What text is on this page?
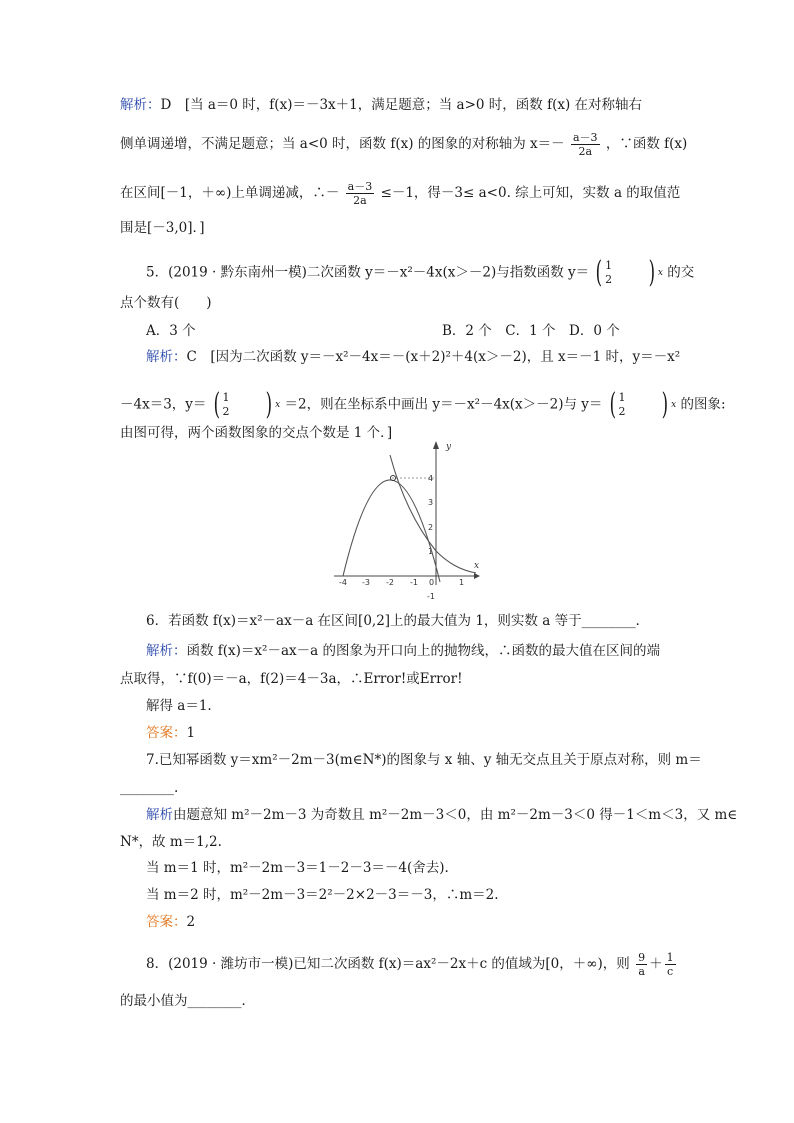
解析：D　[当 a＝0 时，f(x)＝－3x＋1，满足题意；当 a>0 时，函数 f(x) 在对称轴右
侧单调递增，不满足题意；当 a<0 时，函数 f(x) 的图象的对称轴为 $x=- \frac{a-3}{2a}$ ，∵函数 f(x)
在区间[－1，＋∞)上单调递减，∴－ $\frac{a-3}{2a} \le-1$，得－3≤ a<0. 综上可知，实数 a 的取值范
围是[－3,0]．]
5．(2019 · 黔东南州一模)二次函数 y＝－x²－4x(x＞－2)与指数函数 y＝ ( 1
2 ) x 的交
点个数有(　　)
A．3 个	B．2 个　C．1 个　D．0 个
解析：C　[因为二次函数 y＝－x²－4x＝－(x＋2)²＋4(x＞－2)，且 x＝－1 时，y＝－x²
－4x＝3，y＝ ( 1
2 ) x ＝2，则在坐标系中画出 y＝－x²－4x(x＞－2)与 y＝ ( 1
2 ) x 的图象:
由图可得，两个函数图象的交点个数是 1 个．]
x
y
-4 -3 -2 -1 0	1
4
3
2
1
-1
6．若函数 f(x)＝x²－ax－a 在区间[0,2]上的最大值为 1，则实数 a 等于________．
解析：函数 f(x)＝x²－ax－a 的图象为开口向上的抛物线，∴函数的最大值在区间的端
点取得，∵f(0)＝－a，f(2)＝4－3a，∴Error!或Error!
解得 a＝1.
答案：1
7.已知幂函数 y＝xm²－2m－3(m∈N*)的图象与 x 轴、y 轴无交点且关于原点对称，则 m＝
________.
解析由题意知 m²－2m－3 为奇数且 m²－2m－3＜0，由 m²－2m－3＜0 得－1＜m＜3，又 m∈
N*，故 m＝1,2.
当 m＝1 时，m²－2m－3＝1－2－3＝－4(舍去).
当 m＝2 时，m²－2m－3＝2²－2×2－3＝－3，∴m＝2.
答案：2
8．(2019 · 潍坊市一模)已知二次函数 f(x)＝ax²－2x＋c 的值域为[0，＋∞)，则 $\frac{9}{a} + \frac{1}{c}$
的最小值为________．
